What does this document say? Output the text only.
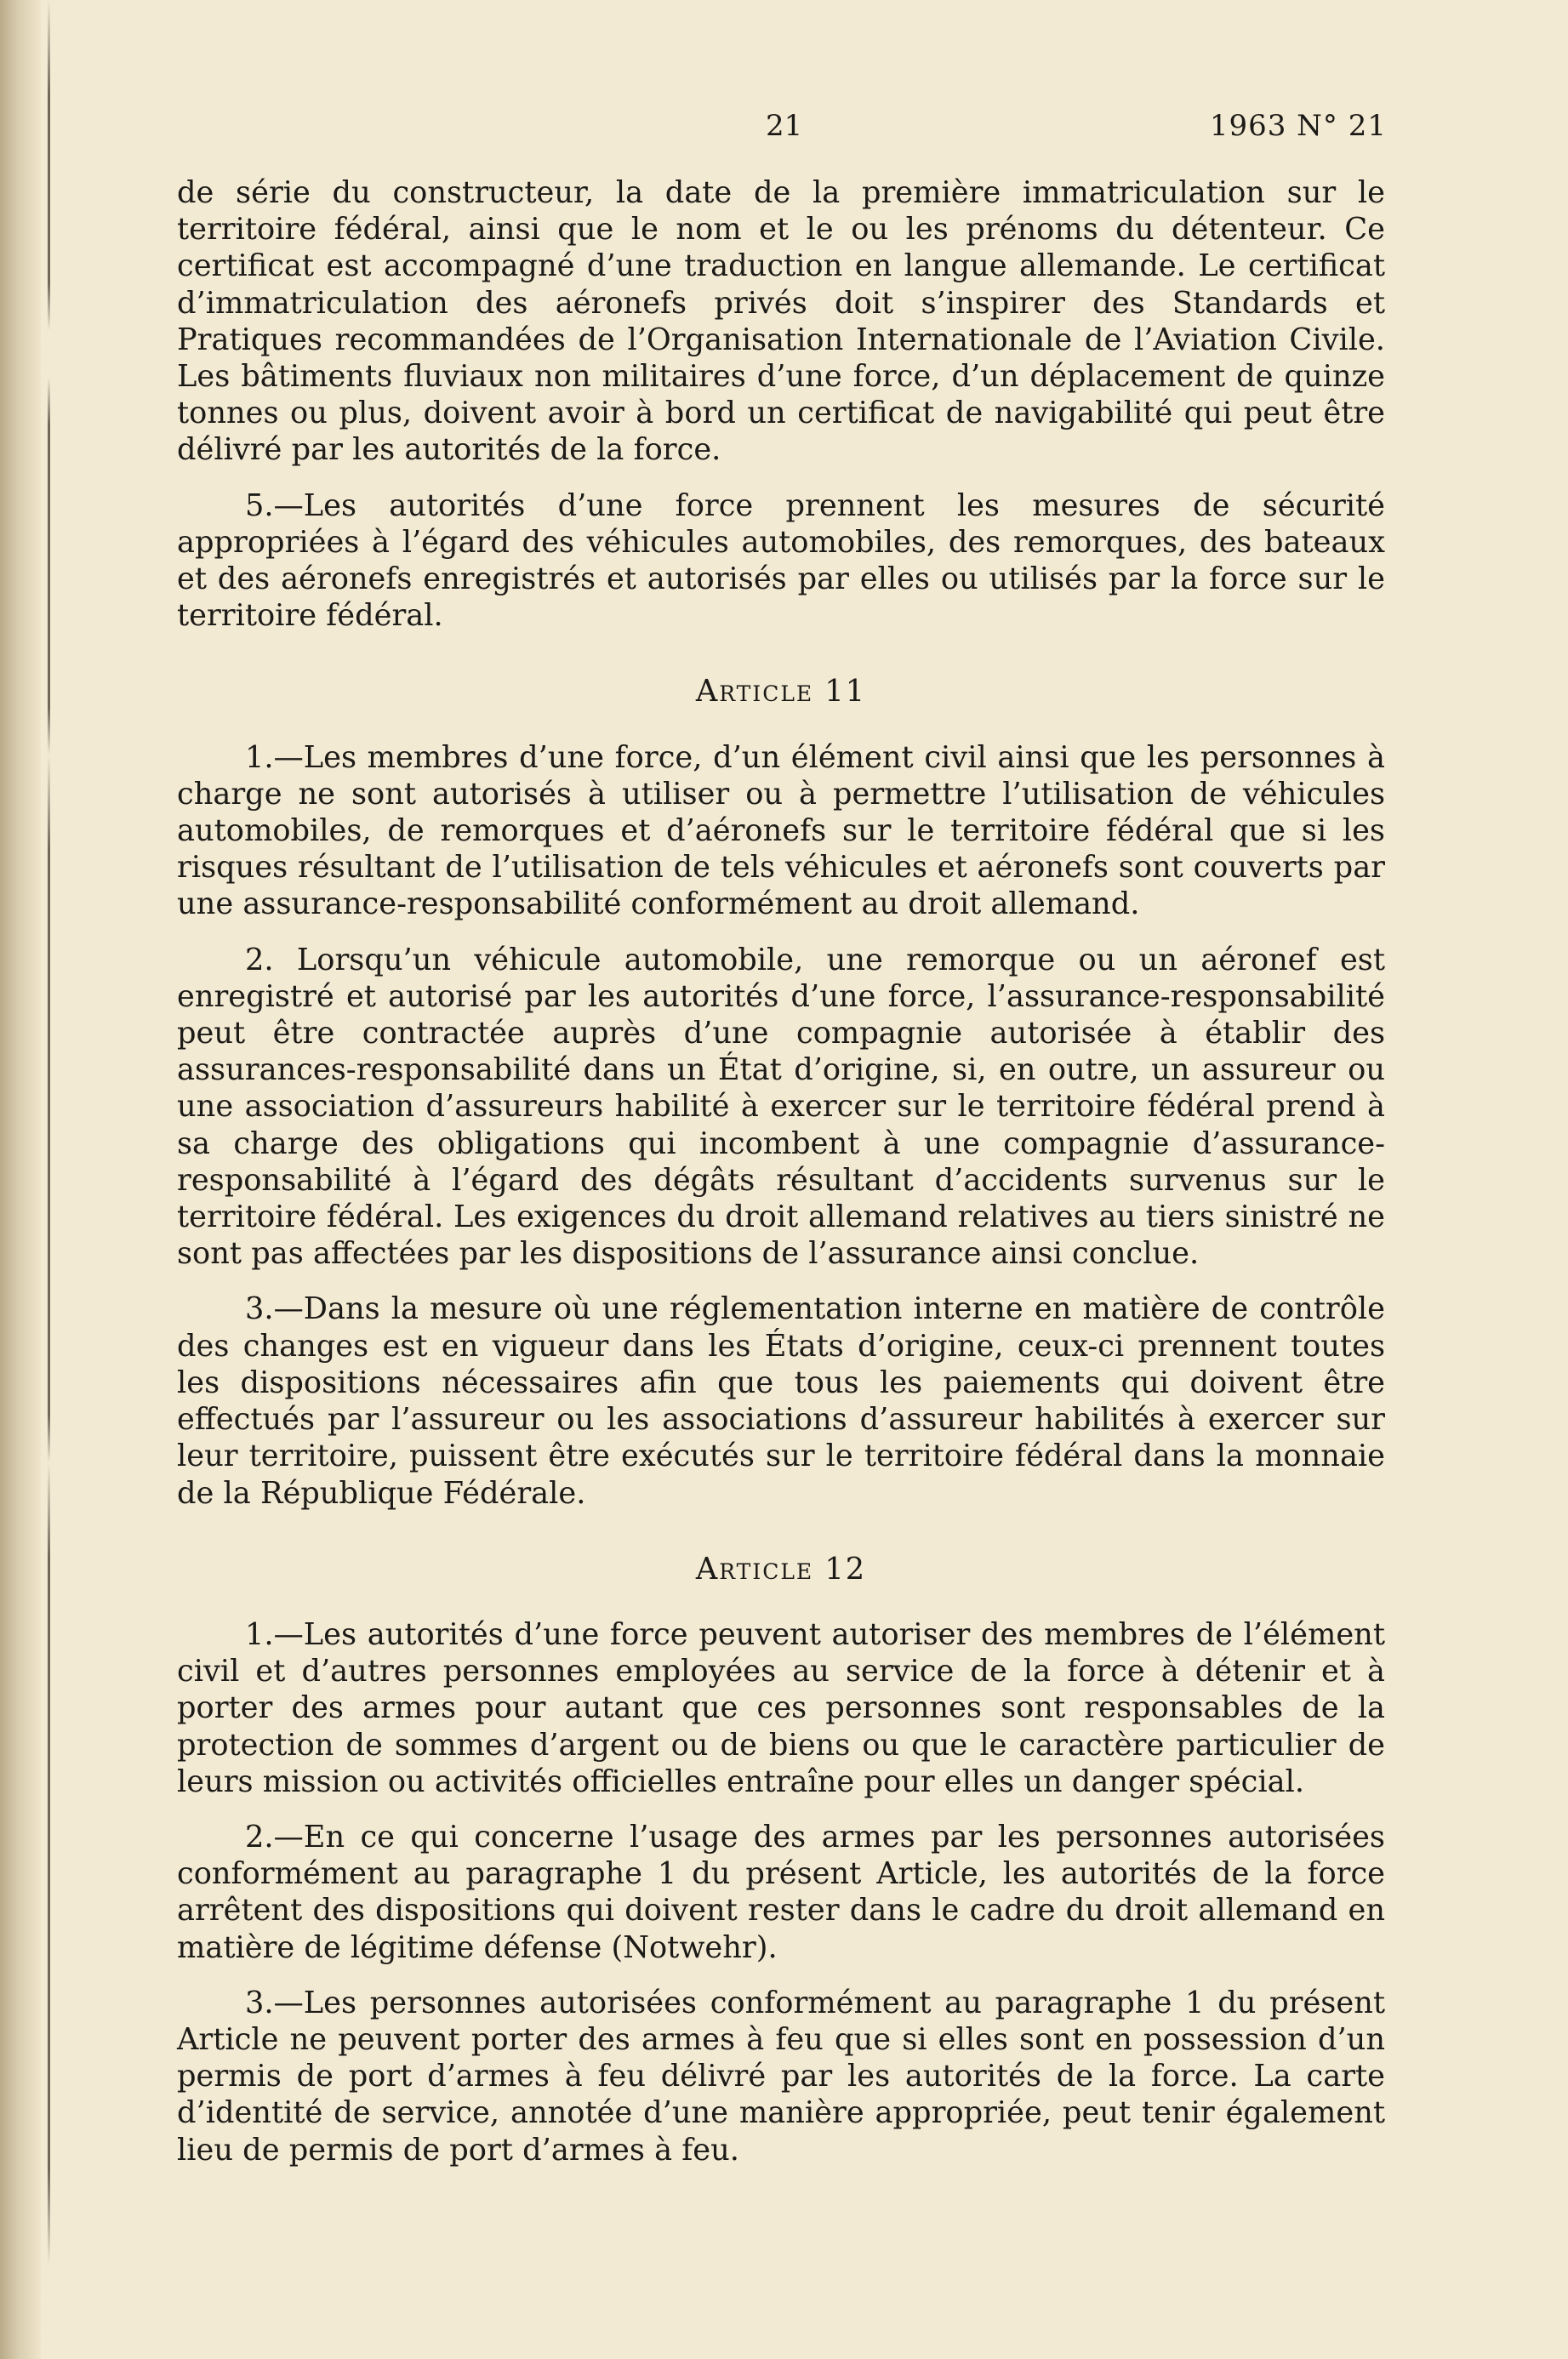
21	1963 N° 21

de série du constructeur, la date de la première immatriculation sur le territoire fédéral, ainsi que le nom et le ou les prénoms du détenteur. Ce certificat est accompagné d’une traduction en langue allemande. Le certificat d’immatriculation des aéronefs privés doit s’inspirer des Standards et Pratiques recommandées de l’Organisation Internationale de l’Aviation Civile. Les bâtiments fluviaux non militaires d’une force, d’un déplacement de quinze tonnes ou plus, doivent avoir à bord un certificat de navigabilité qui peut être délivré par les autorités de la force.

5.—Les autorités d’une force prennent les mesures de sécurité appropriées à l’égard des véhicules automobiles, des remorques, des bateaux et des aéronefs enregistrés et autorisés par elles ou utilisés par la force sur le territoire fédéral.

Article 11

1.—Les membres d’une force, d’un élément civil ainsi que les personnes à charge ne sont autorisés à utiliser ou à permettre l’utilisation de véhicules automobiles, de remorques et d’aéronefs sur le territoire fédéral que si les risques résultant de l’utilisation de tels véhicules et aéronefs sont couverts par une assurance-responsabilité conformément au droit allemand.

2. Lorsqu’un véhicule automobile, une remorque ou un aéronef est enregistré et autorisé par les autorités d’une force, l’assurance-responsabilité peut être contractée auprès d’une compagnie autorisée à établir des assurances-responsabilité dans un État d’origine, si, en outre, un assureur ou une association d’assureurs habilité à exercer sur le territoire fédéral prend à sa charge des obligations qui incombent à une compagnie d’assurance-responsabilité à l’égard des dégâts résultant d’accidents survenus sur le territoire fédéral. Les exigences du droit allemand relatives au tiers sinistré ne sont pas affectées par les dispositions de l’assurance ainsi conclue.

3.—Dans la mesure où une réglementation interne en matière de contrôle des changes est en vigueur dans les États d’origine, ceux-ci prennent toutes les dispositions nécessaires afin que tous les paiements qui doivent être effectués par l’assureur ou les associations d’assureur habilités à exercer sur leur territoire, puissent être exécutés sur le territoire fédéral dans la monnaie de la République Fédérale.

Article 12

1.—Les autorités d’une force peuvent autoriser des membres de l’élément civil et d’autres personnes employées au service de la force à détenir et à porter des armes pour autant que ces personnes sont responsables de la protection de sommes d’argent ou de biens ou que le caractère particulier de leurs mission ou activités officielles entraîne pour elles un danger spécial.

2.—En ce qui concerne l’usage des armes par les personnes autorisées conformément au paragraphe 1 du présent Article, les autorités de la force arrêtent des dispositions qui doivent rester dans le cadre du droit allemand en matière de légitime défense (Notwehr).

3.—Les personnes autorisées conformément au paragraphe 1 du présent Article ne peuvent porter des armes à feu que si elles sont en possession d’un permis de port d’armes à feu délivré par les autorités de la force. La carte d’identité de service, annotée d’une manière appropriée, peut tenir également lieu de permis de port d’armes à feu.
